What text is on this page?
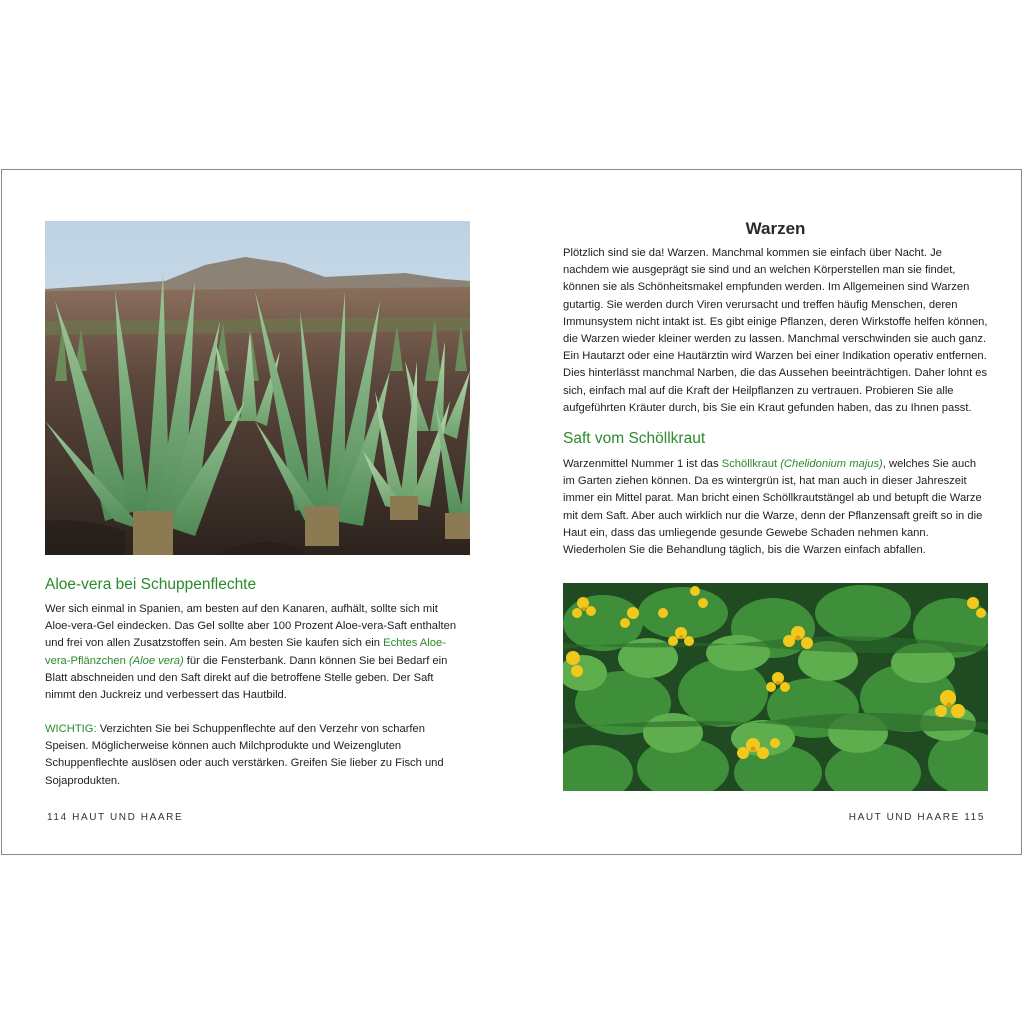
Aloe-vera bei Schuppenflechte

Wer sich einmal in Spanien, am besten auf den Kanaren, aufhält, sollte sich mit Aloe-vera-Gel eindecken. Das Gel sollte aber 100 Prozent Aloe-vera-Saft enthalten und frei von allen Zusatzstoffen sein. Am besten Sie kaufen sich ein Echtes Aloe-vera-Pflänzchen (Aloe vera) für die Fensterbank. Dann können Sie bei Bedarf ein Blatt abschneiden und den Saft direkt auf die betroffene Stelle geben. Der Saft nimmt den Juckreiz und verbessert das Hautbild.

WICHTIG: Verzichten Sie bei Schuppenflechte auf den Verzehr von scharfen Speisen. Möglicherweise können auch Milchprodukte und Weizengluten Schuppenflechte auslösen oder auch verstärken. Greifen Sie lieber zu Fisch und Sojaprodukten.

Warzen

Plötzlich sind sie da! Warzen. Manchmal kommen sie einfach über Nacht. Je nachdem wie ausgeprägt sie sind und an welchen Körperstellen man sie findet, können sie als Schönheitsmakel empfunden werden. Im Allgemeinen sind Warzen gutartig. Sie werden durch Viren verursacht und treffen häufig Menschen, deren Immunsystem nicht intakt ist. Es gibt einige Pflanzen, deren Wirkstoffe helfen können, die Warzen wieder kleiner werden zu lassen. Manchmal verschwinden sie auch ganz. Ein Hautarzt oder eine Hautärztin wird Warzen bei einer Indikation operativ entfernen. Dies hinterlässt manchmal Narben, die das Aussehen beeinträchtigen. Daher lohnt es sich, einfach mal auf die Kraft der Heilpflanzen zu vertrauen. Probieren Sie alle aufgeführten Kräuter durch, bis Sie ein Kraut gefunden haben, das zu Ihnen passt.

Saft vom Schöllkraut

Warzenmittel Nummer 1 ist das Schöllkraut (Chelidonium majus), welches Sie auch im Garten ziehen können. Da es wintergrün ist, hat man auch in dieser Jahreszeit immer ein Mittel parat. Man bricht einen Schöllkrautstängel ab und betupft die Warze mit dem Saft. Aber auch wirklich nur die Warze, denn der Pflanzensaft greift so in die Haut ein, dass das umliegende gesunde Gewebe Schaden nehmen kann. Wiederholen Sie die Behandlung täglich, bis die Warzen einfach abfallen.

114 HAUT UND HAARE	HAUT UND HAARE 115
